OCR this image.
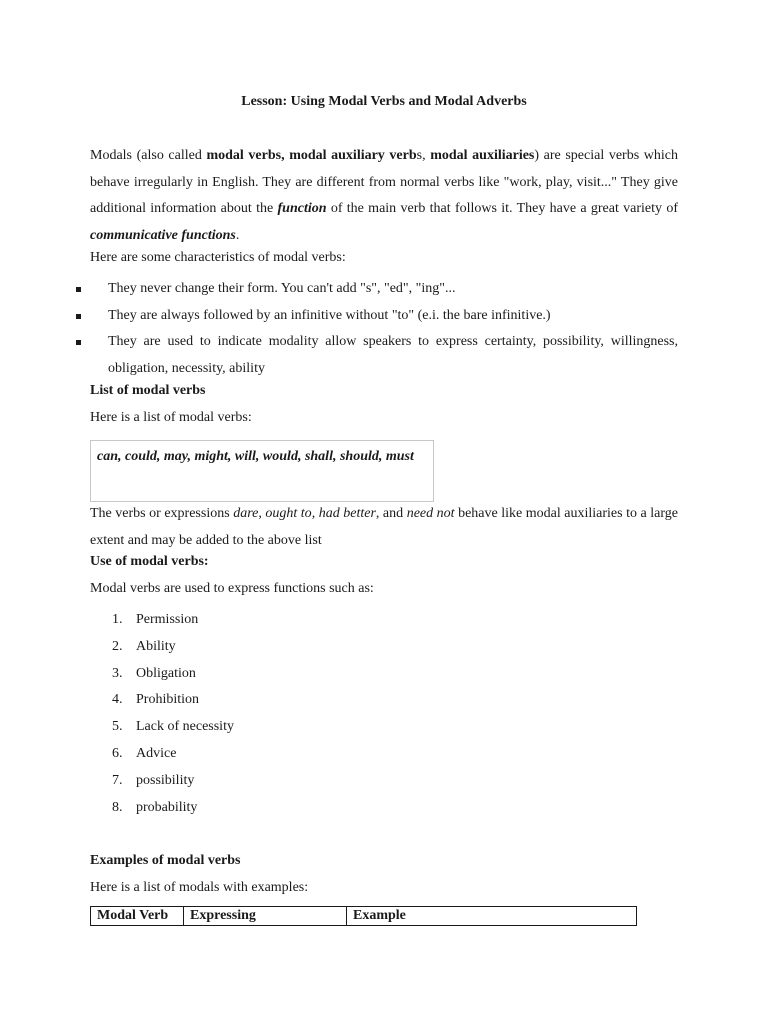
Lesson: Using Modal Verbs and Modal Adverbs
Modals (also called modal verbs, modal auxiliary verbs, modal auxiliaries) are special verbs which behave irregularly in English. They are different from normal verbs like "work, play, visit..." They give additional information about the function of the main verb that follows it. They have a great variety of communicative functions.
Here are some characteristics of modal verbs:
They never change their form. You can't add "s", "ed", "ing"...
They are always followed by an infinitive without "to" (e.i. the bare infinitive.)
They are used to indicate modality allow speakers to express certainty, possibility, willingness, obligation, necessity, ability
List of modal verbs
Here is a list of modal verbs:
can, could, may, might, will, would, shall, should, must
The verbs or expressions dare, ought to, had better, and need not behave like modal auxiliaries to a large extent and may be added to the above list
Use of modal verbs:
Modal verbs are used to express functions such as:
1. Permission
2. Ability
3. Obligation
4. Prohibition
5. Lack of necessity
6. Advice
7. possibility
8. probability
Examples of modal verbs
Here is a list of modals with examples:
Modal Verb	Expressing	Example
